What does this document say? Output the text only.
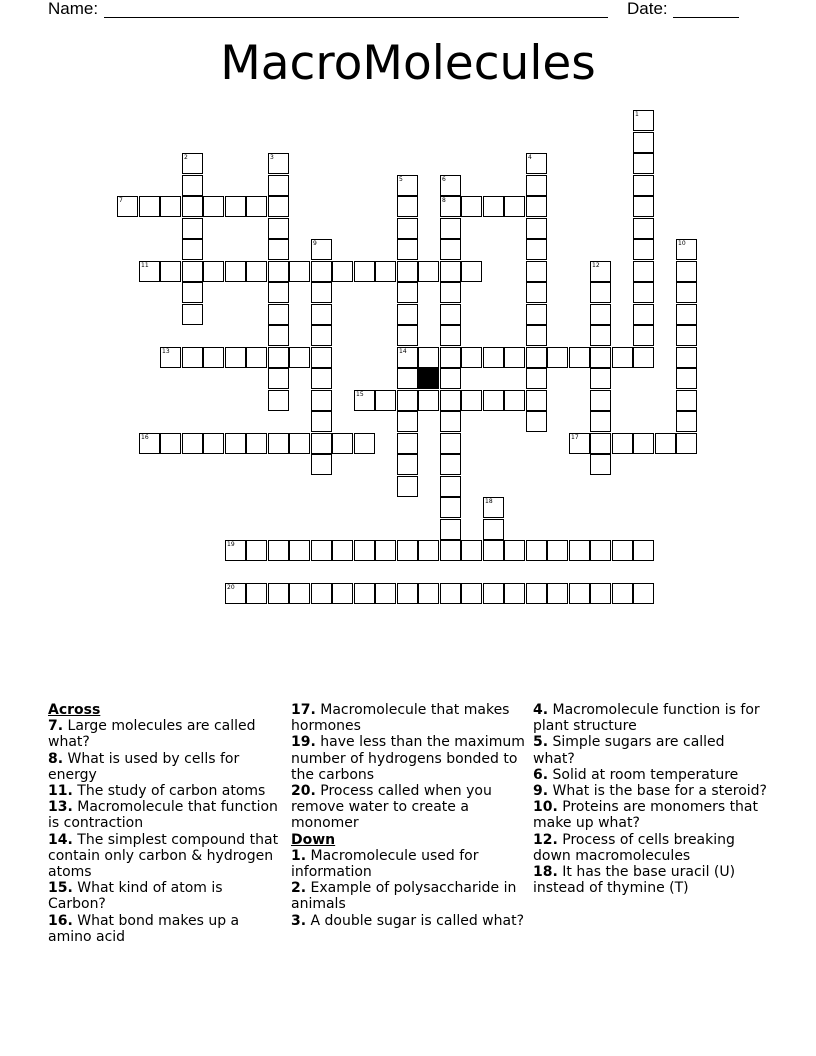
Name:	Date:
MacroMolecules
1
2	3	4
5
14
6
8
7
9	10
11	12
13
15
16	17
18
19
20

Across

7. Large molecules are called what?

8. What is used by cells for energy

11. The study of carbon atoms

13. Macromolecule that function is contraction

14. The simplest compound that contain only carbon & hydrogen atoms

15. What kind of atom is Carbon?

16. What bond makes up a amino acid

17. Macromolecule that makes hormones

19. have less than the maximum number of hydrogens bonded to the carbons

20. Process called when you remove water to create a monomer

Down

1. Macromolecule used for information

2. Example of polysaccharide in animals

3. A double sugar is called what?

4. Macromolecule function is for plant structure

5. Simple sugars are called what?

6. Solid at room temperature

9. What is the base for a steroid?

10. Proteins are monomers that make up what?

12. Process of cells breaking down macromolecules

18. It has the base uracil (U) instead of thymine (T)
